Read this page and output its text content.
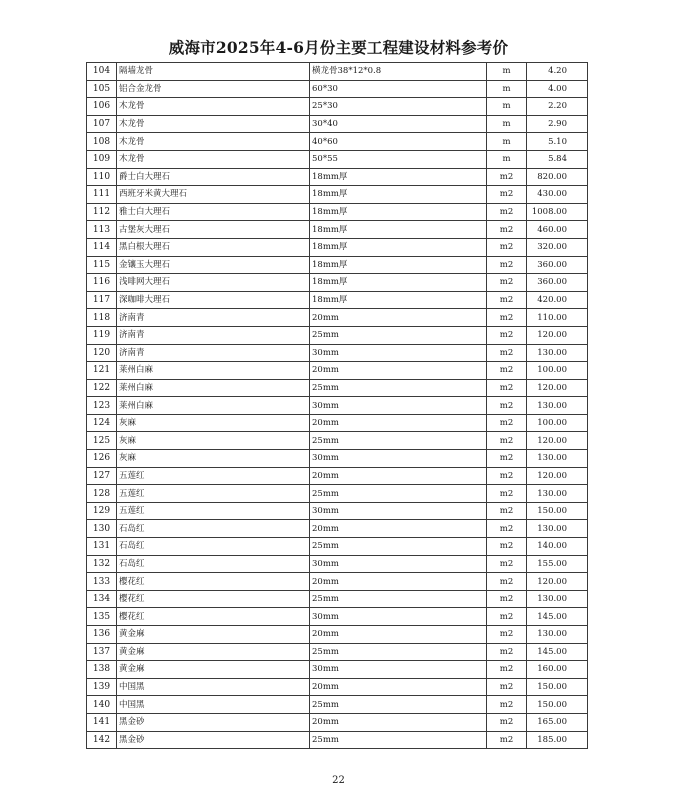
威海市2025年4-6月份主要工程建设材料参考价
104	隔墙龙骨	横龙骨38*12*0.8	m	4.20
105	铝合金龙骨	60*30	m	4.00
106	木龙骨	25*30	m	2.20
107	木龙骨	30*40	m	2.90
108	木龙骨	40*60	m	5.10
109	木龙骨	50*55	m	5.84
110	爵士白大理石	18mm厚	m2	820.00
111	西班牙米黄大理石	18mm厚	m2	430.00
112	雅士白大理石	18mm厚	m2	1008.00
113	古堡灰大理石	18mm厚	m2	460.00
114	黑白根大理石	18mm厚	m2	320.00
115	金镶玉大理石	18mm厚	m2	360.00
116	浅啡网大理石	18mm厚	m2	360.00
117	深咖啡大理石	18mm厚	m2	420.00
118	济南青	20mm	m2	110.00
119	济南青	25mm	m2	120.00
120	济南青	30mm	m2	130.00
121	莱州白麻	20mm	m2	100.00
122	莱州白麻	25mm	m2	120.00
123	莱州白麻	30mm	m2	130.00
124	灰麻	20mm	m2	100.00
125	灰麻	25mm	m2	120.00
126	灰麻	30mm	m2	130.00
127	五莲红	20mm	m2	120.00
128	五莲红	25mm	m2	130.00
129	五莲红	30mm	m2	150.00
130	石岛红	20mm	m2	130.00
131	石岛红	25mm	m2	140.00
132	石岛红	30mm	m2	155.00
133	樱花红	20mm	m2	120.00
134	樱花红	25mm	m2	130.00
135	樱花红	30mm	m2	145.00
136	黄金麻	20mm	m2	130.00
137	黄金麻	25mm	m2	145.00
138	黄金麻	30mm	m2	160.00
139	中国黑	20mm	m2	150.00
140	中国黑	25mm	m2	150.00
141	黑金砂	20mm	m2	165.00
142	黑金砂	25mm	m2	185.00
22
